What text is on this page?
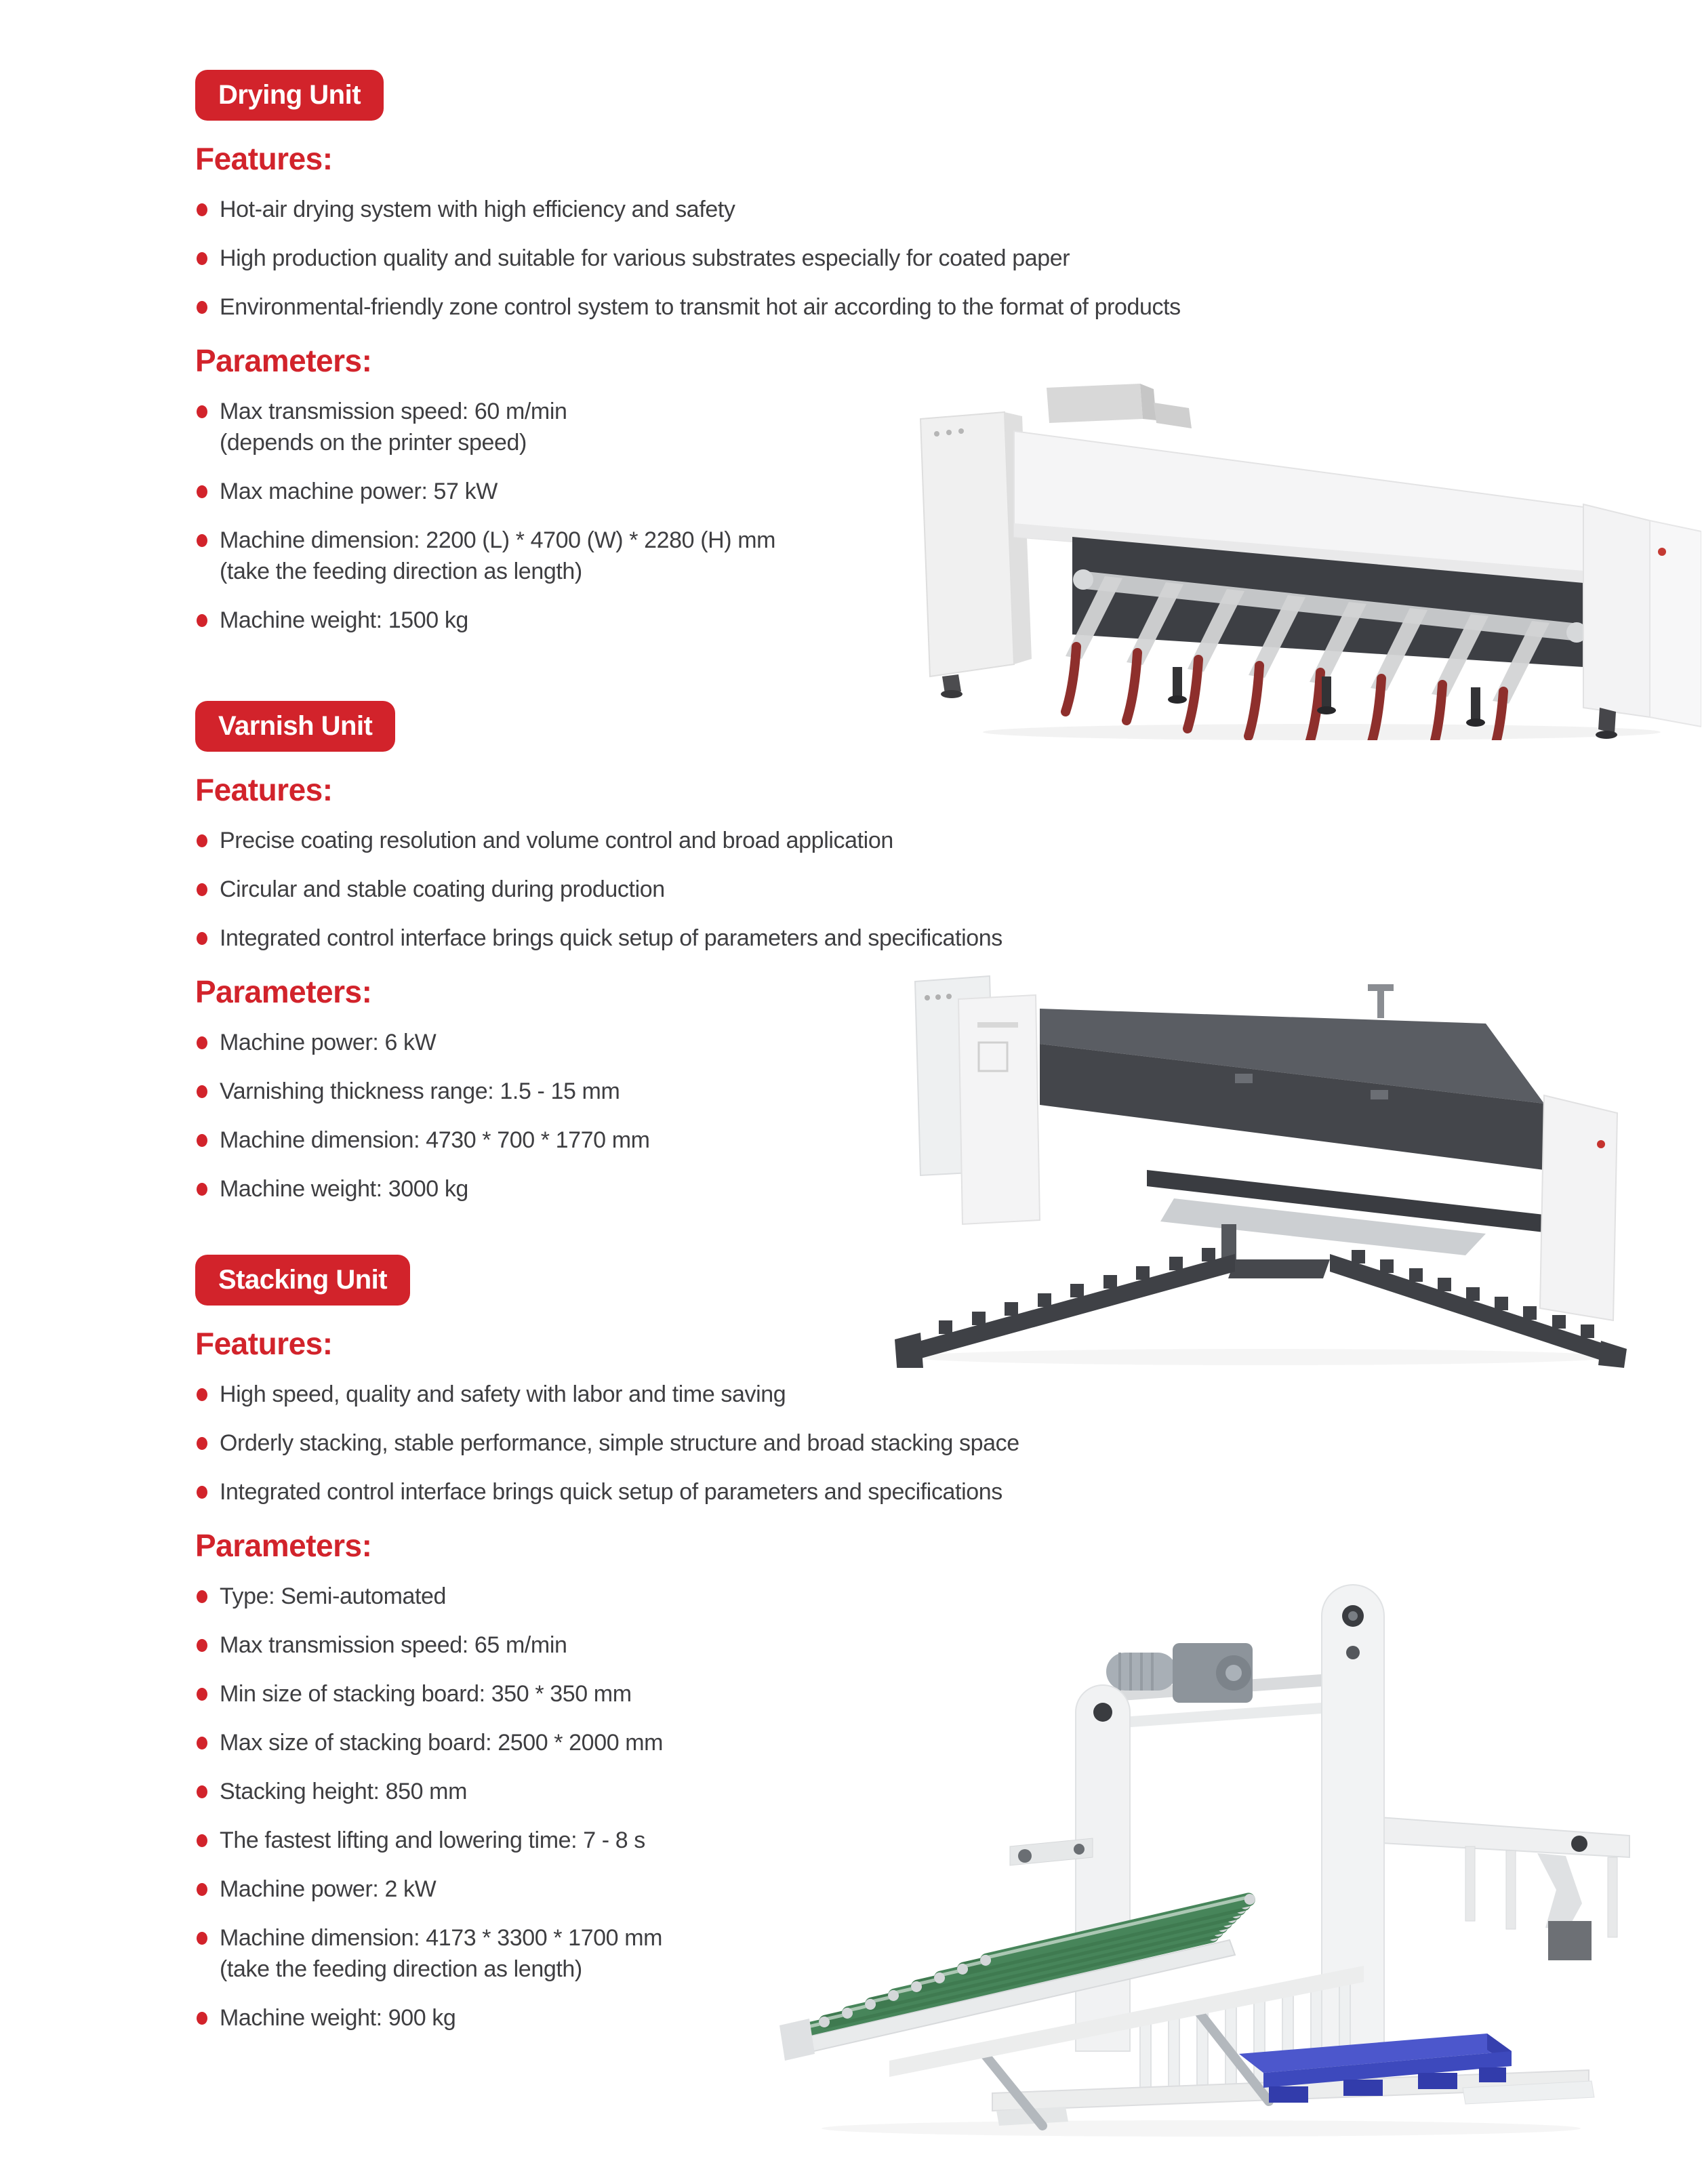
Drying Unit
Features:
Hot-air drying system with high efficiency and safety
High production quality and suitable for various substrates especially for coated paper
Environmental-friendly zone control system to transmit hot air according to the format of products
Parameters:
Max transmission speed: 60 m/min
(depends on the printer speed)
Max machine power: 57 kW
Machine dimension: 2200 (L) * 4700 (W) * 2280 (H) mm
(take the feeding direction as length)
Machine weight: 1500 kg
Varnish Unit
Features:
Precise coating resolution and volume control and broad application
Circular and stable coating during production
Integrated control interface brings quick setup of parameters and specifications
Parameters:
Machine power: 6 kW
Varnishing thickness range: 1.5 - 15 mm
Machine dimension: 4730 * 700 * 1770 mm
Machine weight: 3000 kg
Stacking Unit
Features:
High speed, quality and safety with labor and time saving
Orderly stacking, stable performance, simple structure and broad stacking space
Integrated control interface brings quick setup of parameters and specifications
Parameters:
Type: Semi-automated
Max transmission speed: 65 m/min
Min size of stacking board: 350 * 350 mm
Max size of stacking board: 2500 * 2000 mm
Stacking height: 850 mm
The fastest lifting and lowering time: 7 - 8 s
Machine power: 2 kW
Machine dimension: 4173 * 3300 * 1700 mm
(take the feeding direction as length)
Machine weight: 900 kg
